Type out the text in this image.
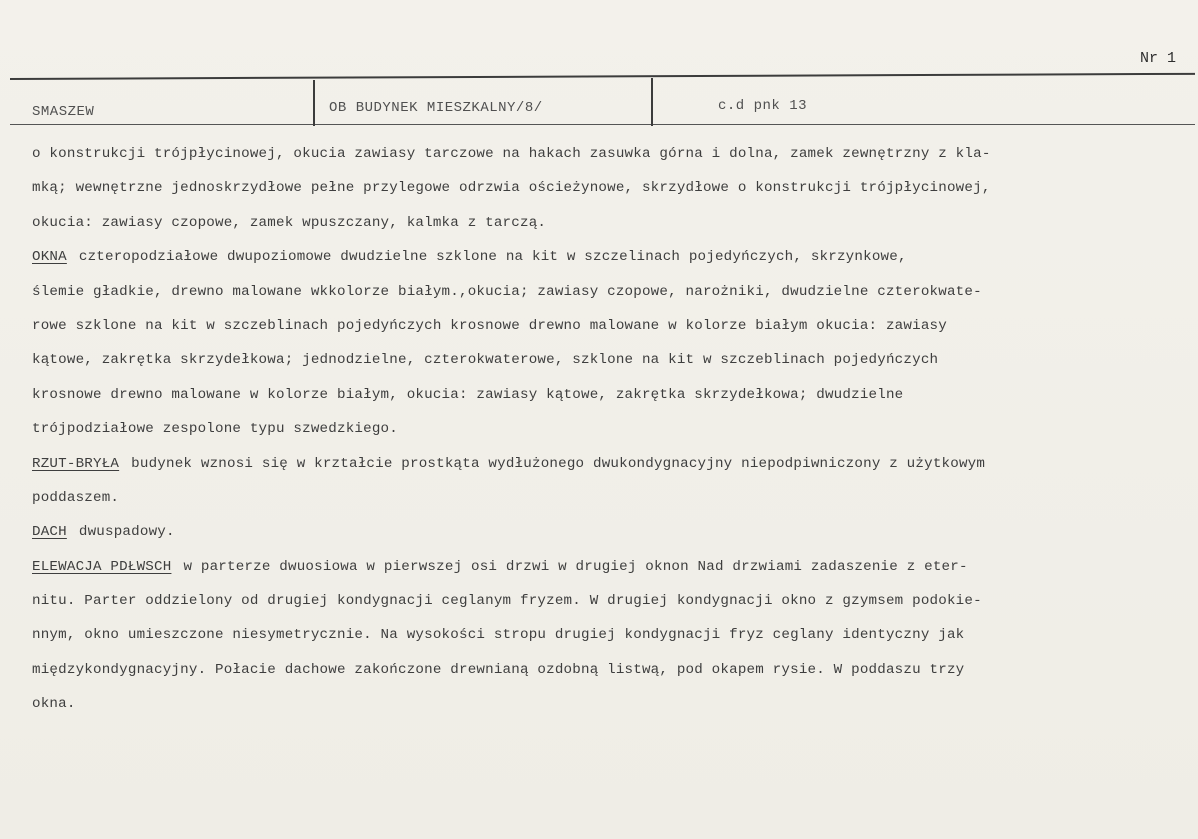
Nr 1
SMASZEW	OB BUDYNEK MIESZKALNY/8/	c.d pnk 13
o konstrukcji trójpłycinowej, okucia zawiasy tarczowe na hakach zasuwka górna i dolna, zamek zewnętrzny z kla-
mką; wewnętrzne jednoskrzydłowe pełne przylegowe odrzwia ościeżynowe, skrzydłowe o konstrukcji trójpłycinowej,
okucia: zawiasy czopowe, zamek wpuszczany, kalmka z tarczą.
OKNA czteropodziałowe dwupoziomowe dwudzielne szklone na kit w szczelinach pojedyńczych, skrzynkowe,
ślemie gładkie, drewno malowane wkkolorze białym.,okucia; zawiasy czopowe, narożniki, dwudzielne czterokwate-
rowe szklone na kit w szczeblinach pojedyńczych krosnowe drewno malowane w kolorze białym okucia: zawiasy
kątowe, zakrętka skrzydełkowa; jednodzielne, czterokwaterowe, szklone na kit w szczeblinach pojedyńczych
krosnowe drewno malowane w kolorze białym, okucia: zawiasy kątowe, zakrętka skrzydełkowa; dwudzielne
trójpodziałowe zespolone typu szwedzkiego.
RZUT-BRYŁA budynek wznosi się w krztałcie prostkąta wydłużonego dwukondygnacyjny niepodpiwniczony z użytkowym
poddaszem.
DACH dwuspadowy.
ELEWACJA PDŁWSCH w parterze dwuosiowa w pierwszej osi drzwi w drugiej oknon Nad drzwiami zadaszenie z eter-
nitu. Parter oddzielony od drugiej kondygnacji ceglanym fryzem. W drugiej kondygnacji okno z gzymsem podokie-
nnym, okno umieszczone niesymetrycznie. Na wysokości stropu drugiej kondygnacji fryz ceglany identyczny jak
międzykondygnacyjny. Połacie dachowe zakończone drewnianą ozdobną listwą, pod okapem rysie. W poddaszu trzy
okna.
